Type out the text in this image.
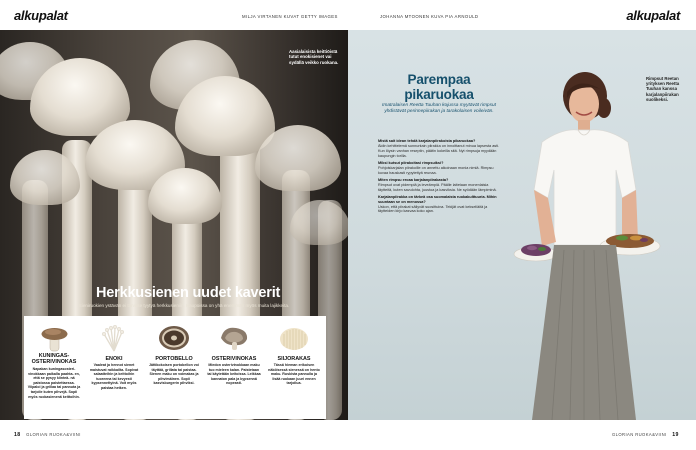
alkupalat	MILJA VIRTANEN KUVAT GETTY IMAGES	JOHANNA MTOONEN KUVA PIA ARNOULD	alkupalat
Aasialaisista keittiöistä tutut enokisienet vai sydällä veikko ruokana.
Herkkusienen uudet kaverit
Sieniruokien ystävän ei tarvitse tyytyä herkkusieniin. Kaupoissa on yhä enemmän myös muita lajikkeita.
KUNINGAS-
OSTERIVINOKAS
Napakan kuningasosteri- vinokkaan paikalla paahta- en, että se pysyy kiinteä- nä paistossa paistettaessa. Viipaloi ja grillaa tai pannuta ja tarjoile kuten pihvejä. Sopii myös ruokasienenä keittoihin.
ENOKI
Vaaleat ja hennot sienet maistuvat raikkailta. Sopivat salaatteihin ja keittoihin tuoreena tai kevyesti kypsennettyinä. Voit myös paistaa hetken.
PORTOBELLO
Jättikokoisen portobellon voi täyttää, grillata tai paistaa. Sienen maku on voimakas ja pihvimäinen. Sopii kasvisburgerin pihviksi.
OSTERIVINOKAS
Miedon osterivinokkaan maku tuo mieleen kalan. Paistetaan tai käytetään keitoissa. Leikkaa kannaton pala ja kypsennä nopeasti.
SIIJORAKAS
Tässä hieman erikoisen näköisessä sienessä on hento maku. Ruskista pannulla ja lisää ruokaan juuri ennen tarjoilua.
18 GLORIAN RUOKA&VIINI
Parempaa pikaruokaa
Imatralaisen Reetta Tuuhan kojussa myytävät rimpsut yhdistävät perinnepiirakan ja tarakolaisen voileivän.

Mistä sait idean tehdä karjalanpiirakoista pikaruokaa?
Äidin kehittelemä sunnuntain piirakka on innoittanut minua lapsesta asti. Kun löysin vanhan reseptin, päätin kokeilla sitä. Nyt rimpsuja myydään kaupungin torilla.

Miksi kutsut piirakoitasi rimpsuiksi?
Pohjoiskarjalan piirakoille on annettu aikoinaan monia nimiä. Rimpsu kuvaa hauskasti rypytettyä reunaa.

Miten rimpsu eroaa karjalanpiirakasta?
Rimpsut ovat pidempiä ja leveämpiä. Päälle laitetaan monenlaisia täytteitä, kuten savulohta, juustoa ja kasviksia. Ne syödään lämpiminä.

Karjalanpiirakka on tärkeä osa suomalaista ruokakulttuuria. Mihin suuntaan se on menossa?
Uskon, että piirakat säilyvät suosittuina. Tekijät ovat kekseliäitä ja täytteiden kirjo kasvaa koko ajan.

Rimpsut Reetan yrityksen Reetta Tuuhan kanssa karjalanpiirakan suolikeksi.
GLORIAN RUOKA&VIINI 19
